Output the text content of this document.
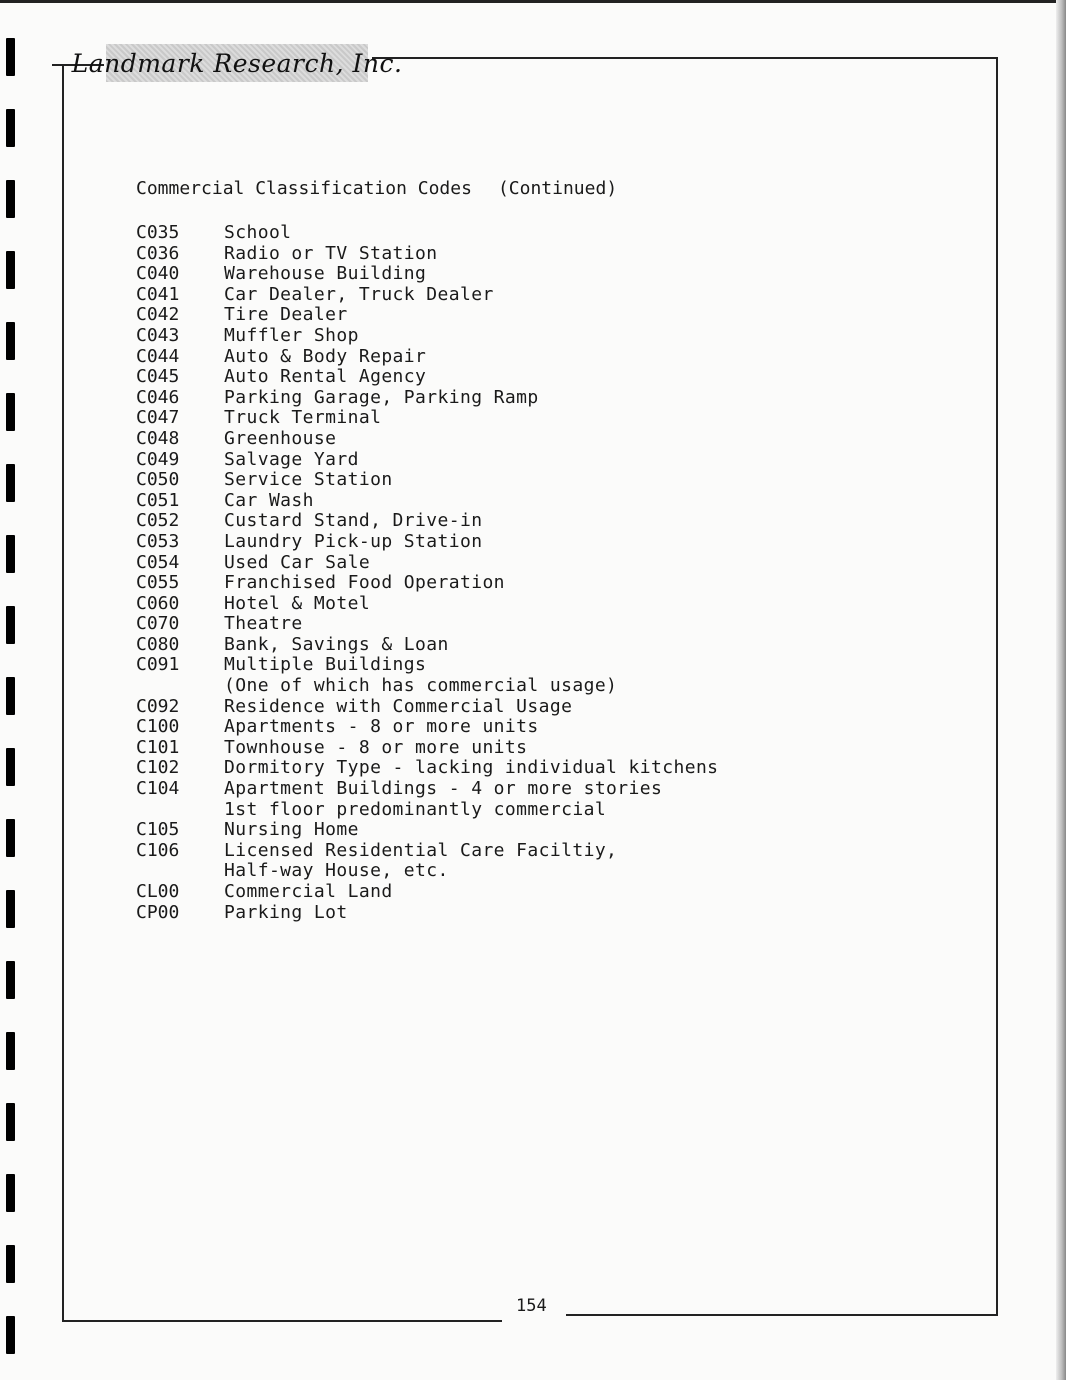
Landmark Research, Inc.
Commercial Classification Codes (Continued)
C035	School
C036	Radio or TV Station
C040	Warehouse Building
C041	Car Dealer, Truck Dealer
C042	Tire Dealer
C043	Muffler Shop
C044	Auto & Body Repair
C045	Auto Rental Agency
C046	Parking Garage, Parking Ramp
C047	Truck Terminal
C048	Greenhouse
C049	Salvage Yard
C050	Service Station
C051	Car Wash
C052	Custard Stand, Drive-in
C053	Laundry Pick-up Station
C054	Used Car Sale
C055	Franchised Food Operation
C060	Hotel & Motel
C070	Theatre
C080	Bank, Savings & Loan
C091	Multiple Buildings
(One of which has commercial usage)
C092	Residence with Commercial Usage
C100	Apartments - 8 or more units
C101	Townhouse - 8 or more units
C102	Dormitory Type - lacking individual kitchens
C104	Apartment Buildings - 4 or more stories
1st floor predominantly commercial
C105	Nursing Home
C106	Licensed Residential Care Faciltiy,
Half-way House, etc.
CL00	Commercial Land
CP00	Parking Lot
154
